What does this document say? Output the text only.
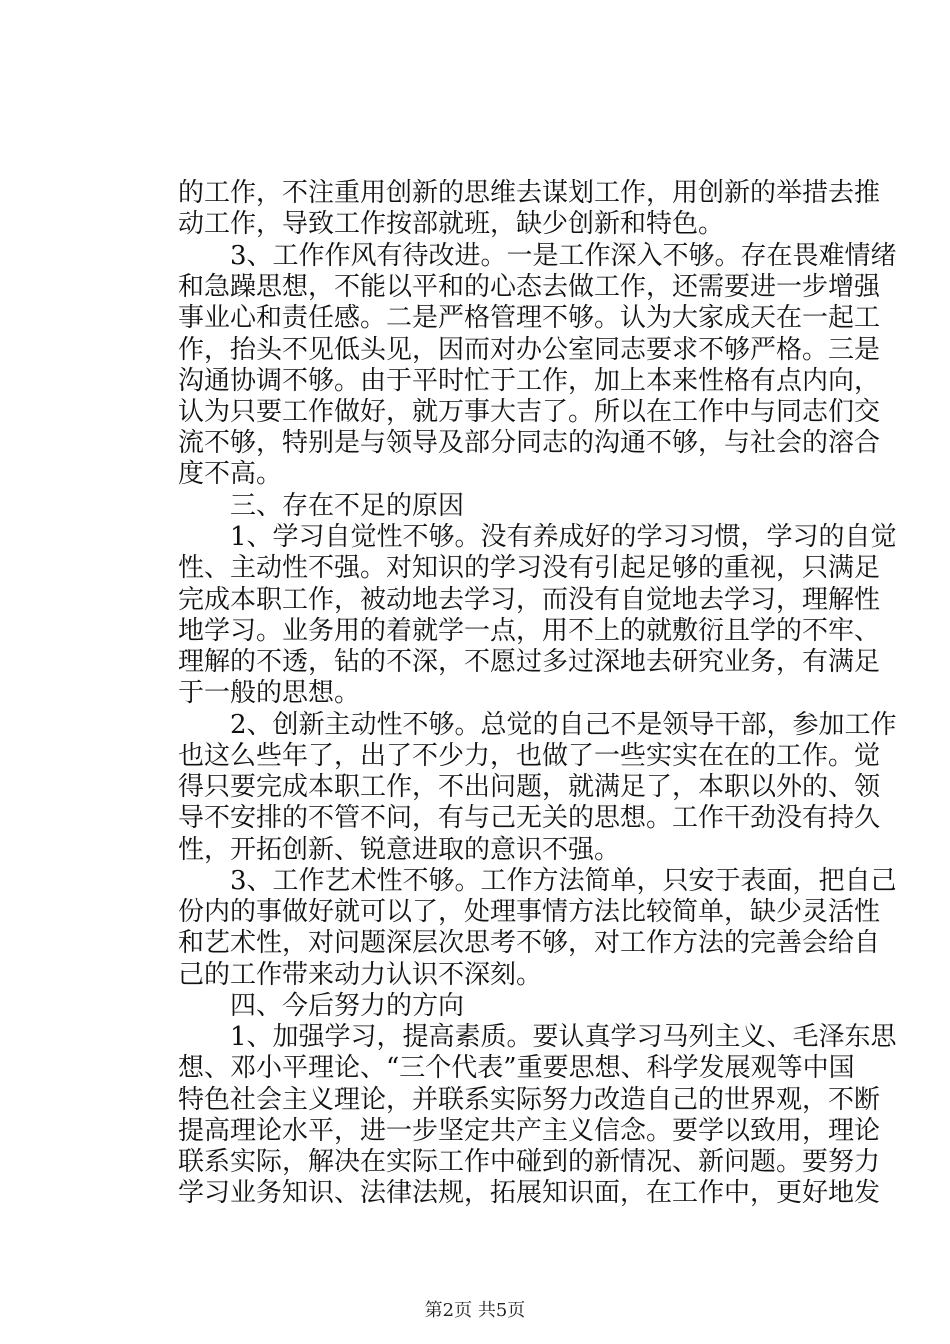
的工作，不注重用创新的思维去谋划工作，用创新的举措去推
动工作，导致工作按部就班，缺少创新和特色。
　　3、工作作风有待改进。一是工作深入不够。存在畏难情绪
和急躁思想，不能以平和的心态去做工作，还需要进一步增强
事业心和责任感。二是严格管理不够。认为大家成天在一起工
作，抬头不见低头见，因而对办公室同志要求不够严格。三是
沟通协调不够。由于平时忙于工作，加上本来性格有点内向，
认为只要工作做好，就万事大吉了。所以在工作中与同志们交
流不够，特别是与领导及部分同志的沟通不够，与社会的溶合
度不高。
　　三、存在不足的原因
　　1、学习自觉性不够。没有养成好的学习习惯，学习的自觉
性、主动性不强。对知识的学习没有引起足够的重视，只满足
完成本职工作，被动地去学习，而没有自觉地去学习，理解性
地学习。业务用的着就学一点，用不上的就敷衍且学的不牢、
理解的不透，钻的不深，不愿过多过深地去研究业务，有满足
于一般的思想。
　　2、创新主动性不够。总觉的自己不是领导干部，参加工作
也这么些年了，出了不少力，也做了一些实实在在的工作。觉
得只要完成本职工作，不出问题，就满足了，本职以外的、领
导不安排的不管不问，有与己无关的思想。工作干劲没有持久
性，开拓创新、锐意进取的意识不强。
　　3、工作艺术性不够。工作方法简单，只安于表面，把自己
份内的事做好就可以了，处理事情方法比较简单，缺少灵活性
和艺术性，对问题深层次思考不够，对工作方法的完善会给自
己的工作带来动力认识不深刻。
　　四、今后努力的方向
　　1、加强学习，提高素质。要认真学习马列主义、毛泽东思
想、邓小平理论、“三个代表”重要思想、科学发展观等中国
特色社会主义理论，并联系实际努力改造自己的世界观，不断
提高理论水平，进一步坚定共产主义信念。要学以致用，理论
联系实际，解决在实际工作中碰到的新情况、新问题。要努力
学习业务知识、法律法规，拓展知识面，在工作中，更好地发
第2页 共5页
